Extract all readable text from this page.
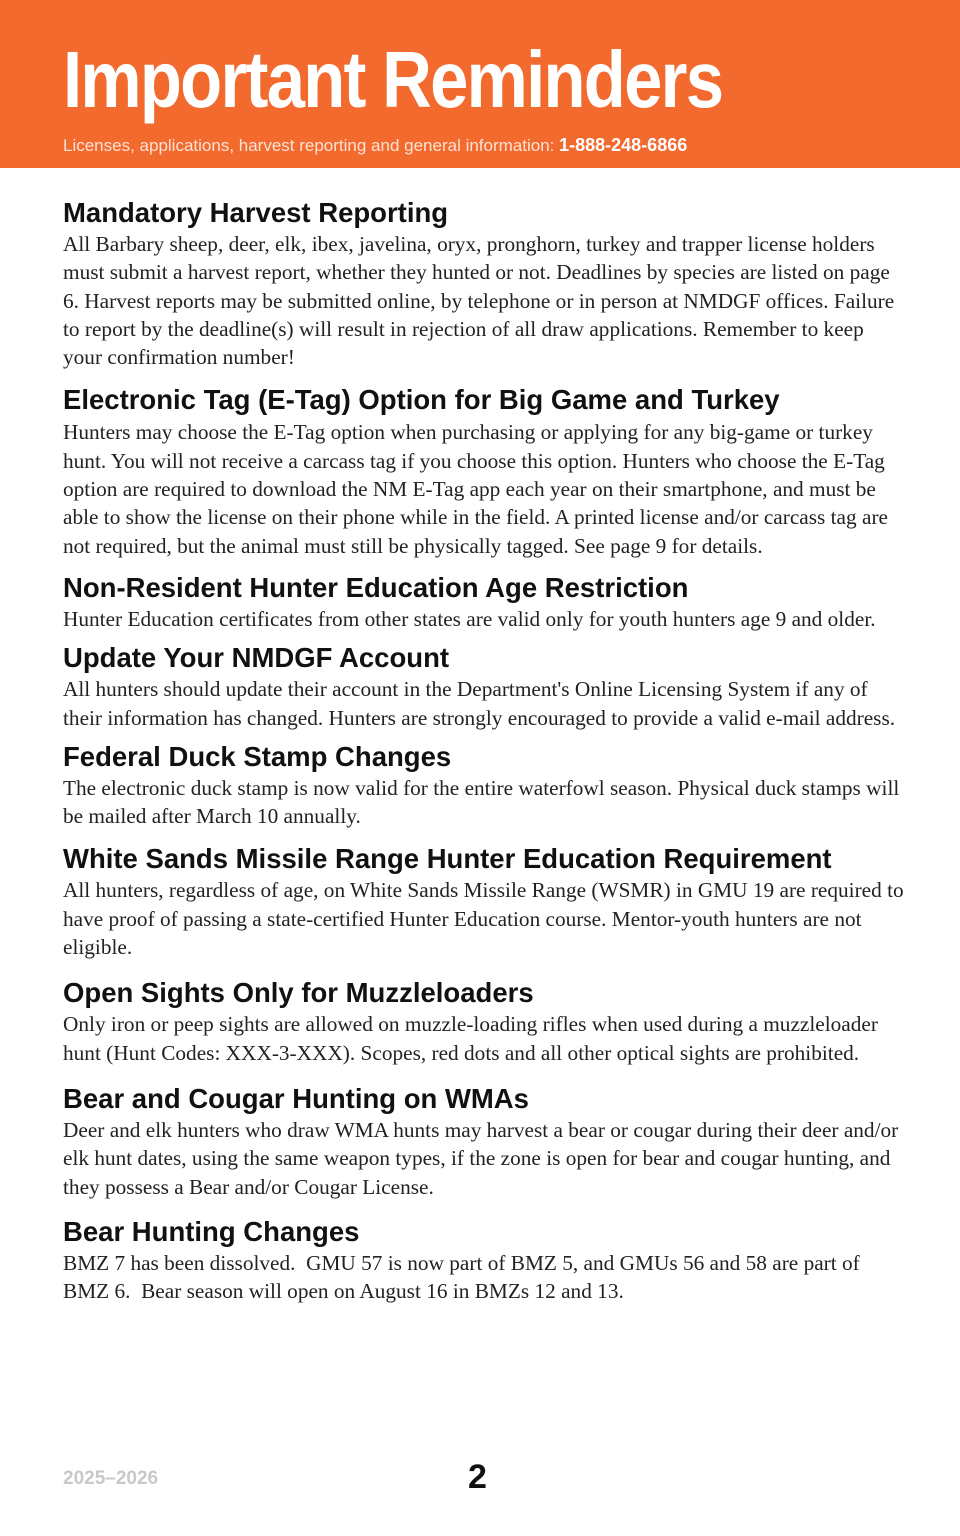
Important Reminders
Licenses, applications, harvest reporting and general information: 1-888-248-6866
Mandatory Harvest Reporting

All Barbary sheep, deer, elk, ibex, javelina, oryx, pronghorn, turkey and trapper license holders must submit a harvest report, whether they hunted or not. Deadlines by species are listed on page 6. Harvest reports may be submitted online, by telephone or in person at NMDGF offices. Failure to report by the deadline(s) will result in rejection of all draw applications. Remember to keep your confirmation number!

Electronic Tag (E-Tag) Option for Big Game and Turkey

Hunters may choose the E-Tag option when purchasing or applying for any big-game or turkey hunt. You will not receive a carcass tag if you choose this option. Hunters who choose the E-Tag option are required to download the NM E-Tag app each year on their smartphone, and must be able to show the license on their phone while in the field. A printed license and/or carcass tag are not required, but the animal must still be physically tagged. See page 9 for details.

Non-Resident Hunter Education Age Restriction

Hunter Education certificates from other states are valid only for youth hunters age 9 and older.

Update Your NMDGF Account

All hunters should update their account in the Department's Online Licensing System if any of their information has changed. Hunters are strongly encouraged to provide a valid e-mail address.

Federal Duck Stamp Changes

The electronic duck stamp is now valid for the entire waterfowl season. Physical duck stamps will be mailed after March 10 annually.

White Sands Missile Range Hunter Education Requirement

All hunters, regardless of age, on White Sands Missile Range (WSMR) in GMU 19 are required to have proof of passing a state-certified Hunter Education course. Mentor-youth hunters are not eligible.

Open Sights Only for Muzzleloaders

Only iron or peep sights are allowed on muzzle-loading rifles when used during a muzzleloader hunt (Hunt Codes: XXX-3-XXX). Scopes, red dots and all other optical sights are prohibited.

Bear and Cougar Hunting on WMAs

Deer and elk hunters who draw WMA hunts may harvest a bear or cougar during their deer and/or elk hunt dates, using the same weapon types, if the zone is open for bear and cougar hunting, and they possess a Bear and/or Cougar License.

Bear Hunting Changes

BMZ 7 has been dissolved.  GMU 57 is now part of BMZ 5, and GMUs 56 and 58 are part of BMZ 6.  Bear season will open on August 16 in BMZs 12 and 13.

2025–2026	2
